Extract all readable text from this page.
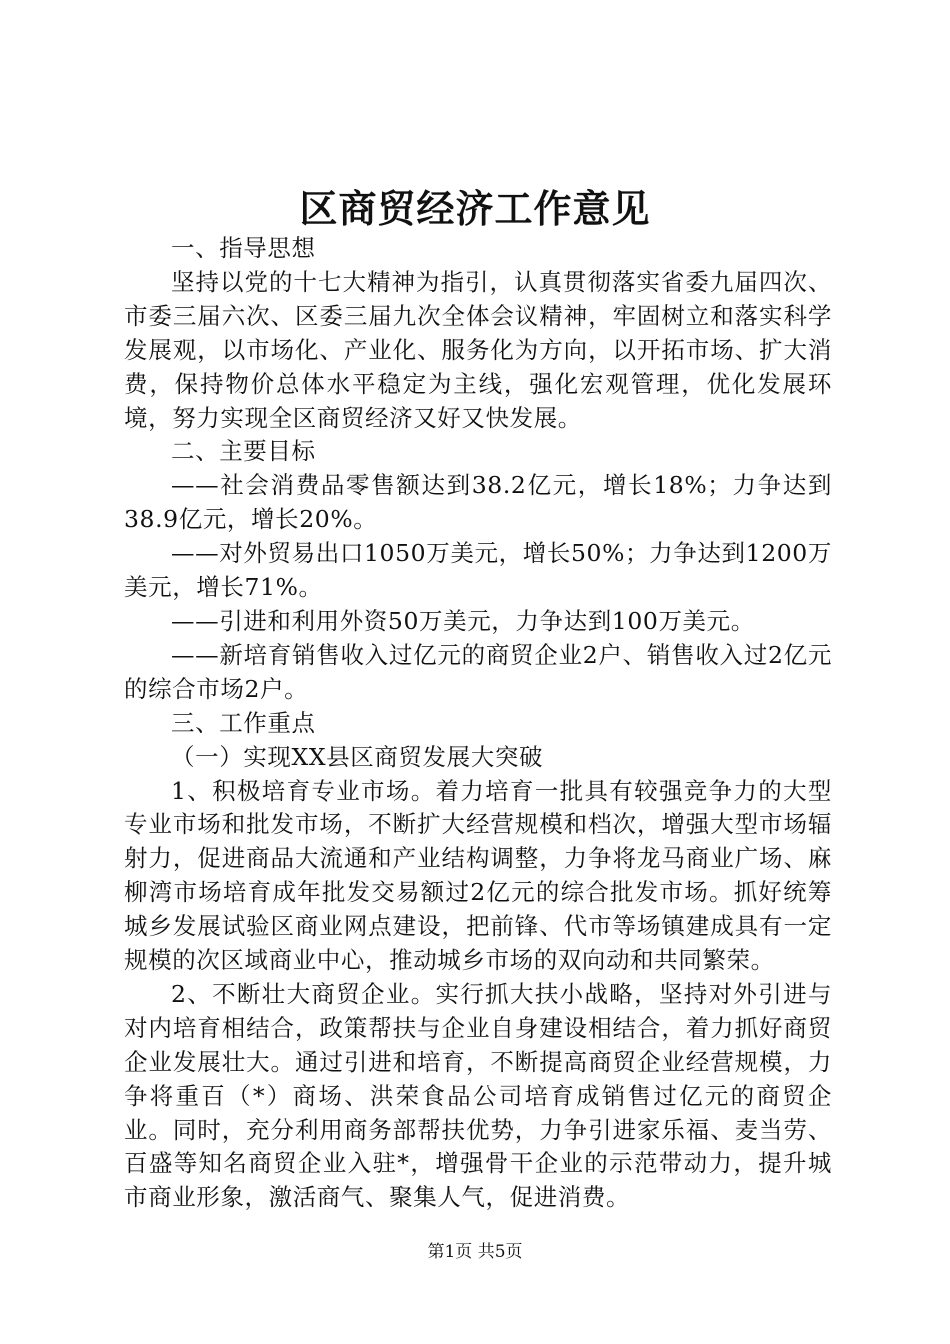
区商贸经济工作意见

一、指导思想

坚持以党的十七大精神为指引，认真贯彻落实省委九届四次、市委三届六次、区委三届九次全体会议精神，牢固树立和落实科学发展观，以市场化、产业化、服务化为方向，以开拓市场、扩大消费，保持物价总体水平稳定为主线，强化宏观管理，优化发展环境，努力实现全区商贸经济又好又快发展。

二、主要目标

——社会消费品零售额达到38.2亿元，增长18%；力争达到38.9亿元，增长20%。

——对外贸易出口1050万美元，增长50%；力争达到1200万美元，增长71%。

——引进和利用外资50万美元，力争达到100万美元。

——新培育销售收入过亿元的商贸企业2户、销售收入过2亿元的综合市场2户。

三、工作重点

（一）实现XX县区商贸发展大突破

1、积极培育专业市场。着力培育一批具有较强竞争力的大型专业市场和批发市场，不断扩大经营规模和档次，增强大型市场辐射力，促进商品大流通和产业结构调整，力争将龙马商业广场、麻柳湾市场培育成年批发交易额过2亿元的综合批发市场。抓好统筹城乡发展试验区商业网点建设，把前锋、代市等场镇建成具有一定规模的次区域商业中心，推动城乡市场的双向动和共同繁荣。

2、不断壮大商贸企业。实行抓大扶小战略，坚持对外引进与对内培育相结合，政策帮扶与企业自身建设相结合，着力抓好商贸企业发展壮大。通过引进和培育，不断提高商贸企业经营规模，力争将重百（*）商场、洪荣食品公司培育成销售过亿元的商贸企业。同时，充分利用商务部帮扶优势，力争引进家乐福、麦当劳、百盛等知名商贸企业入驻*，增强骨干企业的示范带动力，提升城市商业形象，激活商气、聚集人气，促进消费。

第1页 共5页
